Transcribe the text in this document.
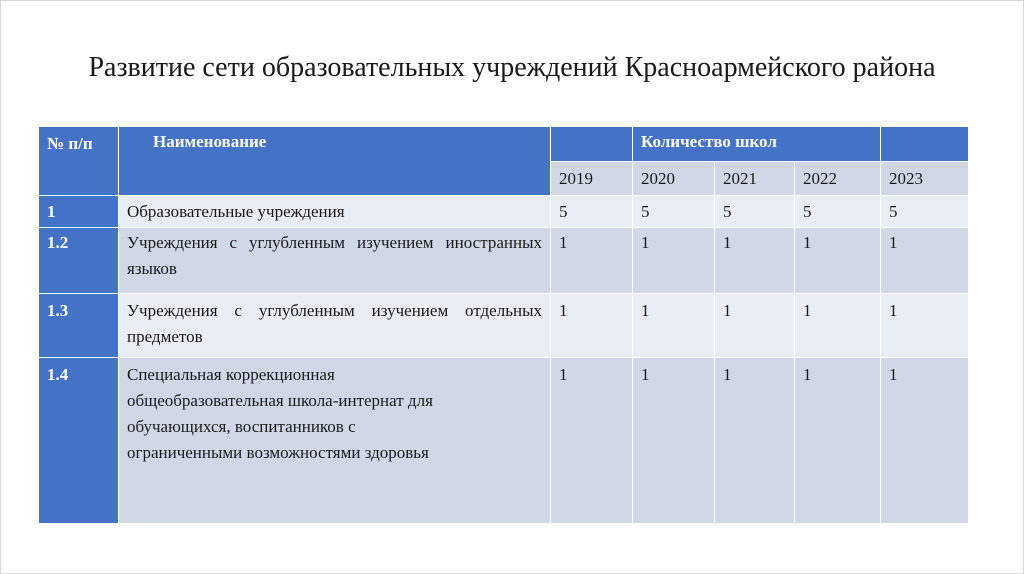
Развитие сети образовательных учреждений Красноармейского района
№ п/п	Наименование		Количество школ			
		2019	2020	2021	2022	2023
1	Образовательные учреждения	5	5	5	5	5
1.2	Учреждения с углубленным изучением иностранных языков	1	1	1	1	1
1.3	Учреждения с углубленным изучением отдельных предметов	1	1	1	1	1
1.4	Специальная коррекционная общеобразовательная школа-интернат для обучающихся, воспитанников с ограниченными возможностями здоровья	1	1	1	1	1
